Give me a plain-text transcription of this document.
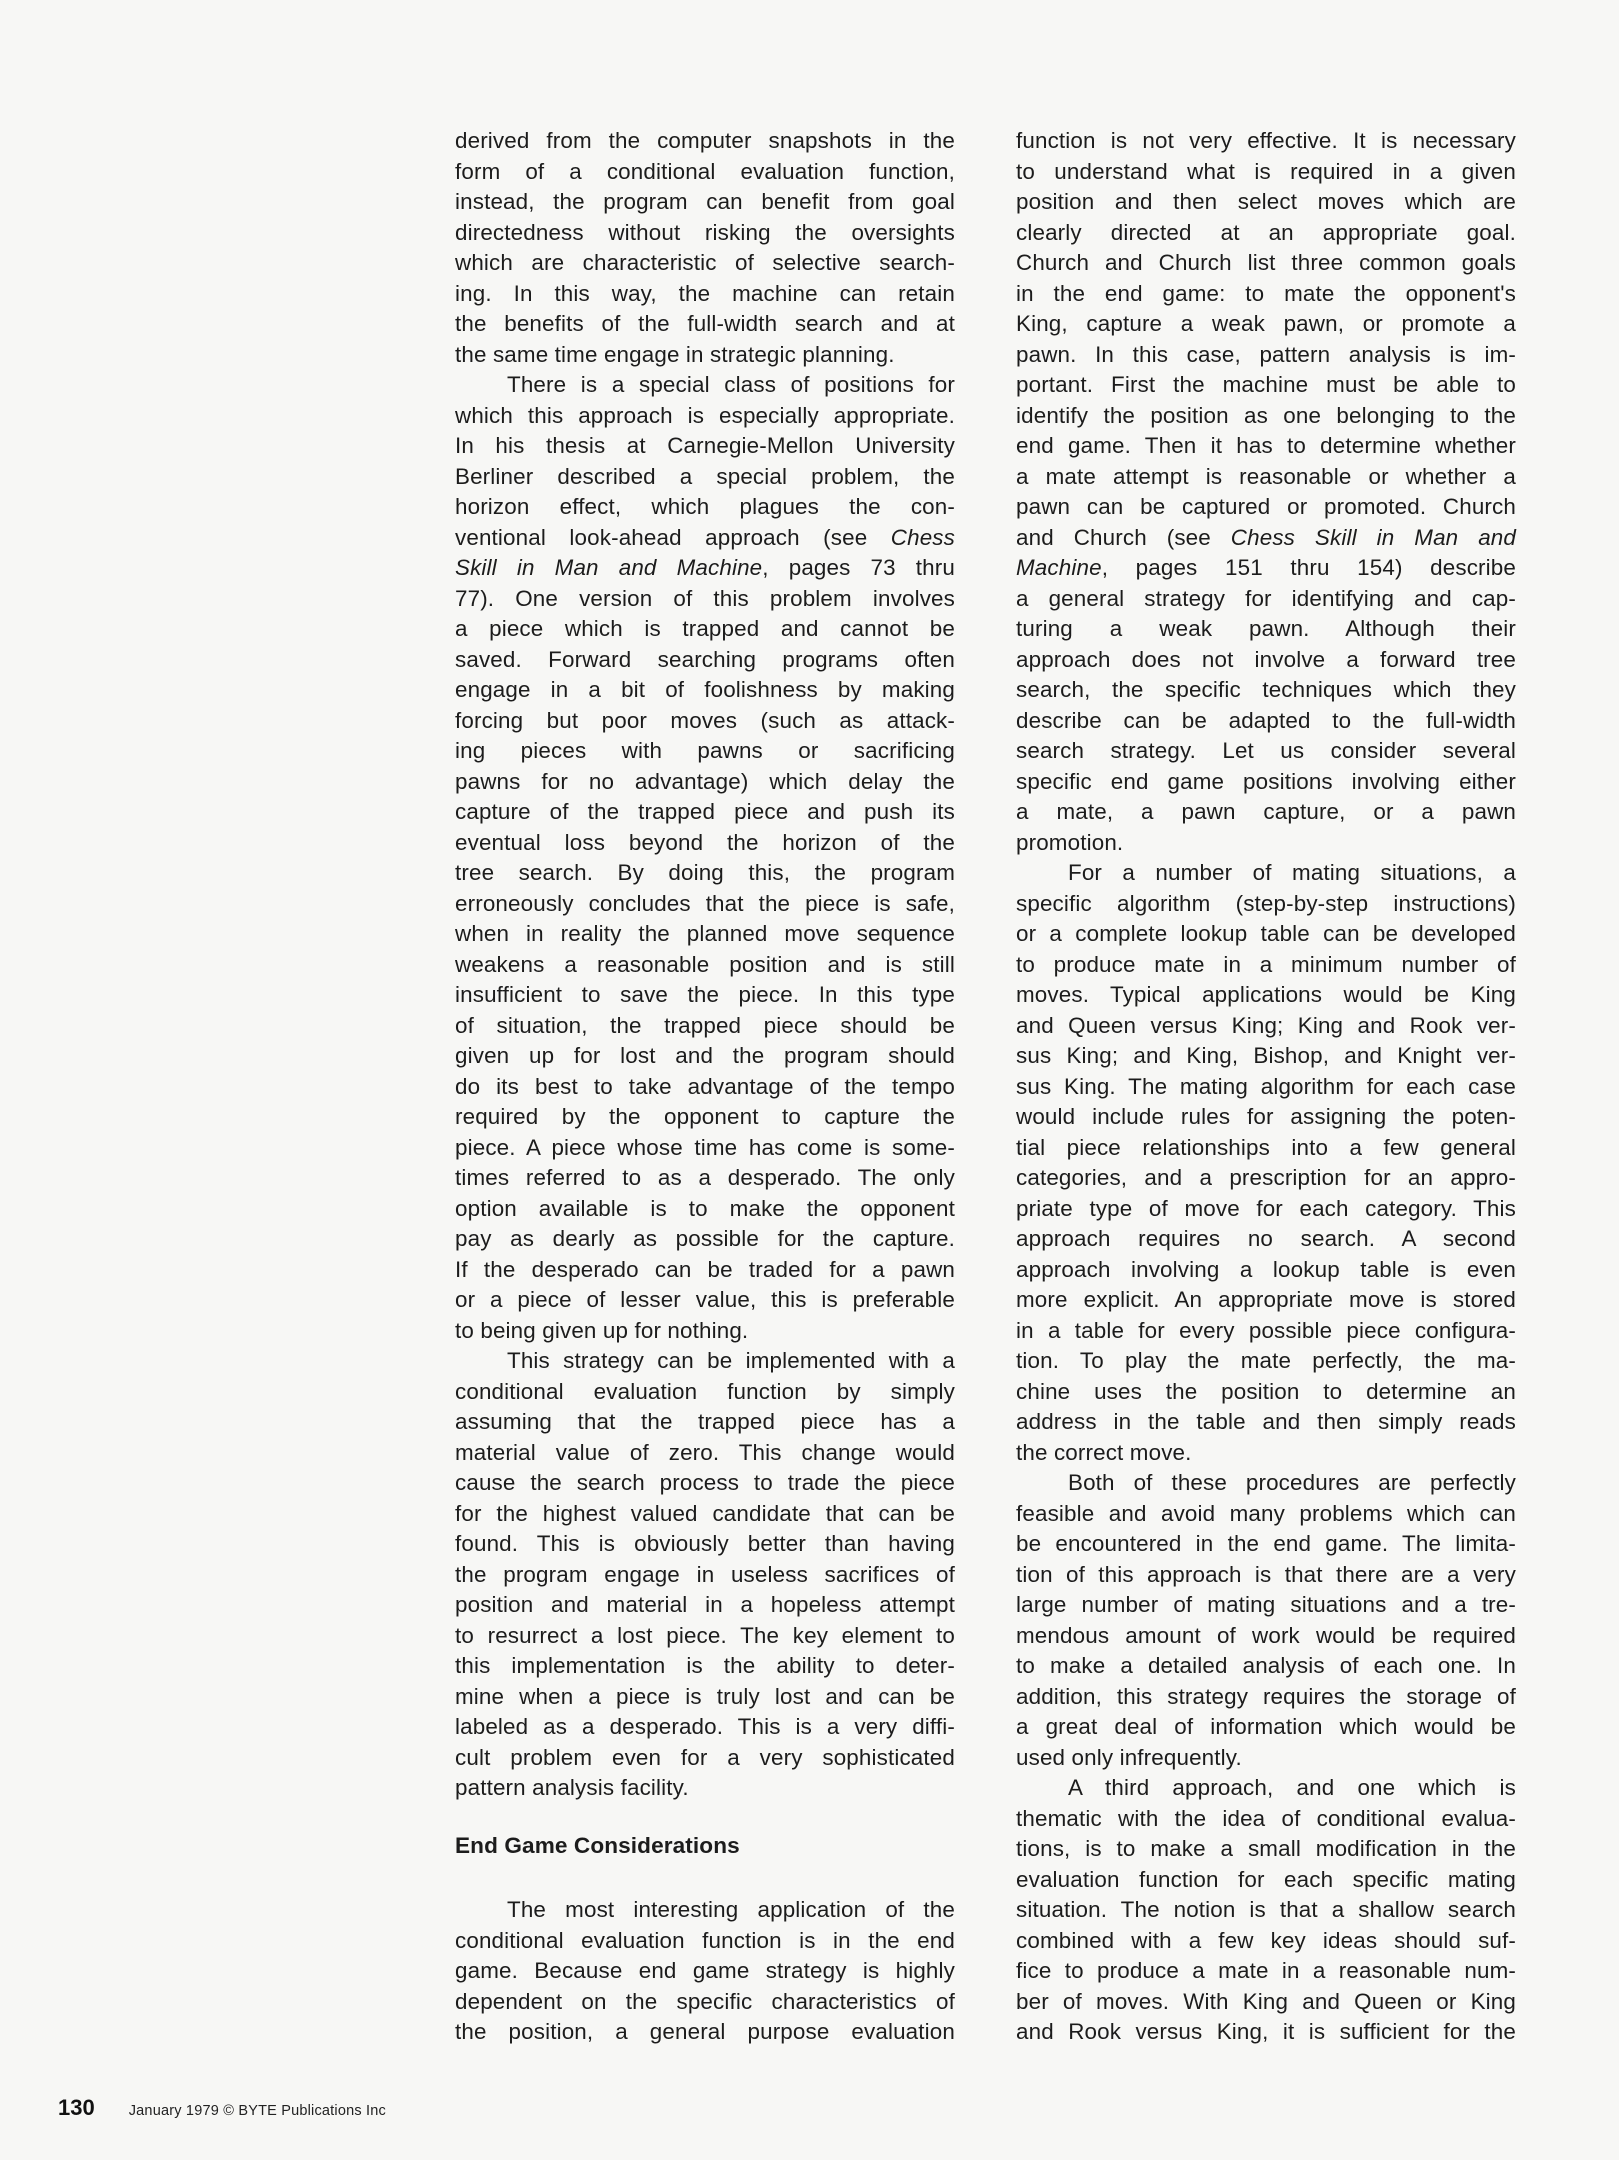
derived from the computer snapshots in the
form of a conditional evaluation function,
instead, the program can benefit from goal
directedness without risking the oversights
which are characteristic of selective search-
ing. In this way, the machine can retain
the benefits of the full-width search and at
the same time engage in strategic planning.
There is a special class of positions for
which this approach is especially appropriate.
In his thesis at Carnegie-Mellon University
Berliner described a special problem, the
horizon effect, which plagues the con-
ventional look-ahead approach (see Chess
Skill in Man and Machine, pages 73 thru
77). One version of this problem involves
a piece which is trapped and cannot be
saved. Forward searching programs often
engage in a bit of foolishness by making
forcing but poor moves (such as attack-
ing pieces with pawns or sacrificing
pawns for no advantage) which delay the
capture of the trapped piece and push its
eventual loss beyond the horizon of the
tree search. By doing this, the program
erroneously concludes that the piece is safe,
when in reality the planned move sequence
weakens a reasonable position and is still
insufficient to save the piece. In this type
of situation, the trapped piece should be
given up for lost and the program should
do its best to take advantage of the tempo
required by the opponent to capture the
piece. A piece whose time has come is some-
times referred to as a desperado. The only
option available is to make the opponent
pay as dearly as possible for the capture.
If the desperado can be traded for a pawn
or a piece of lesser value, this is preferable
to being given up for nothing.
This strategy can be implemented with a
conditional evaluation function by simply
assuming that the trapped piece has a
material value of zero. This change would
cause the search process to trade the piece
for the highest valued candidate that can be
found. This is obviously better than having
the program engage in useless sacrifices of
position and material in a hopeless attempt
to resurrect a lost piece. The key element to
this implementation is the ability to deter-
mine when a piece is truly lost and can be
labeled as a desperado. This is a very diffi-
cult problem even for a very sophisticated
pattern analysis facility.
End Game Considerations
The most interesting application of the
conditional evaluation function is in the end
game. Because end game strategy is highly
dependent on the specific characteristics of
the position, a general purpose evaluation
function is not very effective. It is necessary
to understand what is required in a given
position and then select moves which are
clearly directed at an appropriate goal.
Church and Church list three common goals
in the end game: to mate the opponent's
King, capture a weak pawn, or promote a
pawn. In this case, pattern analysis is im-
portant. First the machine must be able to
identify the position as one belonging to the
end game. Then it has to determine whether
a mate attempt is reasonable or whether a
pawn can be captured or promoted. Church
and Church (see Chess Skill in Man and
Machine, pages 151 thru 154) describe
a general strategy for identifying and cap-
turing a weak pawn. Although their
approach does not involve a forward tree
search, the specific techniques which they
describe can be adapted to the full-width
search strategy. Let us consider several
specific end game positions involving either
a mate, a pawn capture, or a pawn
promotion.
For a number of mating situations, a
specific algorithm (step-by-step instructions)
or a complete lookup table can be developed
to produce mate in a minimum number of
moves. Typical applications would be King
and Queen versus King; King and Rook ver-
sus King; and King, Bishop, and Knight ver-
sus King. The mating algorithm for each case
would include rules for assigning the poten-
tial piece relationships into a few general
categories, and a prescription for an appro-
priate type of move for each category. This
approach requires no search. A second
approach involving a lookup table is even
more explicit. An appropriate move is stored
in a table for every possible piece configura-
tion. To play the mate perfectly, the ma-
chine uses the position to determine an
address in the table and then simply reads
the correct move.
Both of these procedures are perfectly
feasible and avoid many problems which can
be encountered in the end game. The limita-
tion of this approach is that there are a very
large number of mating situations and a tre-
mendous amount of work would be required
to make a detailed analysis of each one. In
addition, this strategy requires the storage of
a great deal of information which would be
used only infrequently.
A third approach, and one which is
thematic with the idea of conditional evalua-
tions, is to make a small modification in the
evaluation function for each specific mating
situation. The notion is that a shallow search
combined with a few key ideas should suf-
fice to produce a mate in a reasonable num-
ber of moves. With King and Queen or King
and Rook versus King, it is sufficient for the
130 January 1979 © BYTE Publications Inc
